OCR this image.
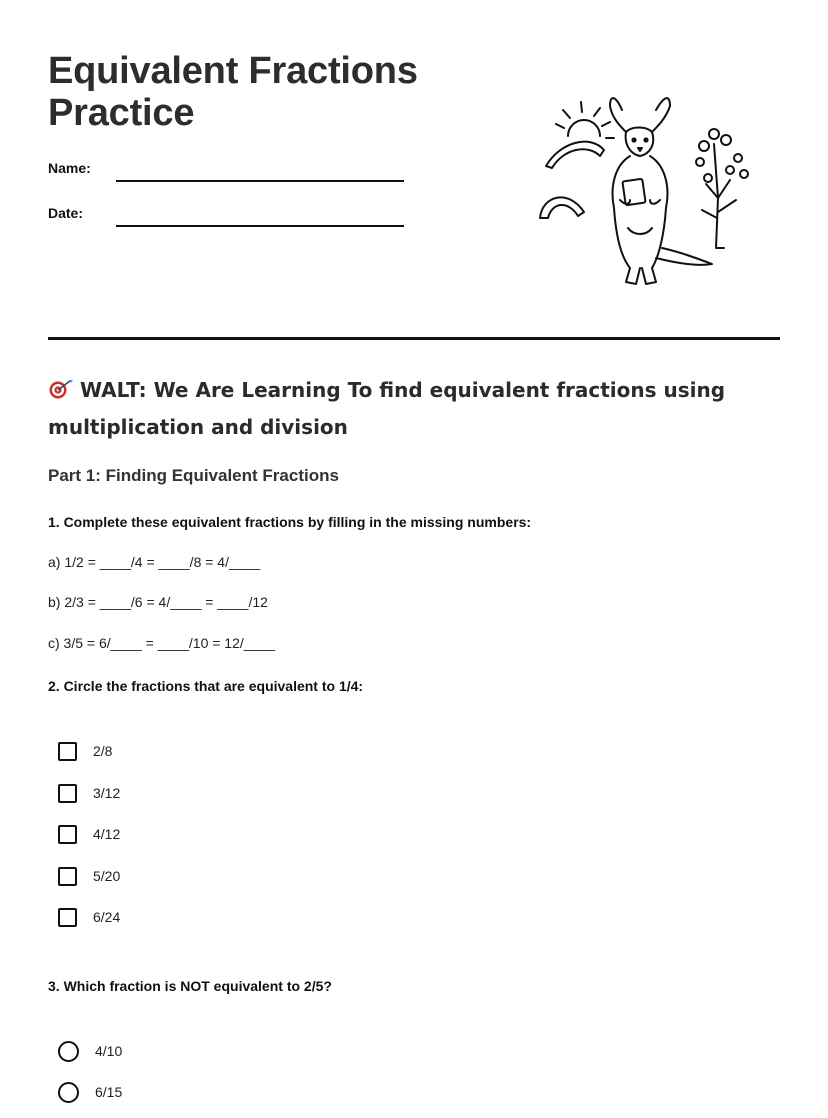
Equivalent Fractions
Practice
Name:
Date:
WALT: We Are Learning To find equivalent fractions using multiplication and division
Part 1: Finding Equivalent Fractions

1. Complete these equivalent fractions by filling in the missing numbers:

a) 1/2 = ____/4 = ____/8 = 4/____

b) 2/3 = ____/6 = 4/____ = ____/12

c) 3/5 = 6/____ = ____/10 = 12/____

2. Circle the fractions that are equivalent to 1/4:

2/8
3/12
4/12
5/20
6/24

3. Which fraction is NOT equivalent to 2/5?

4/10
6/15
